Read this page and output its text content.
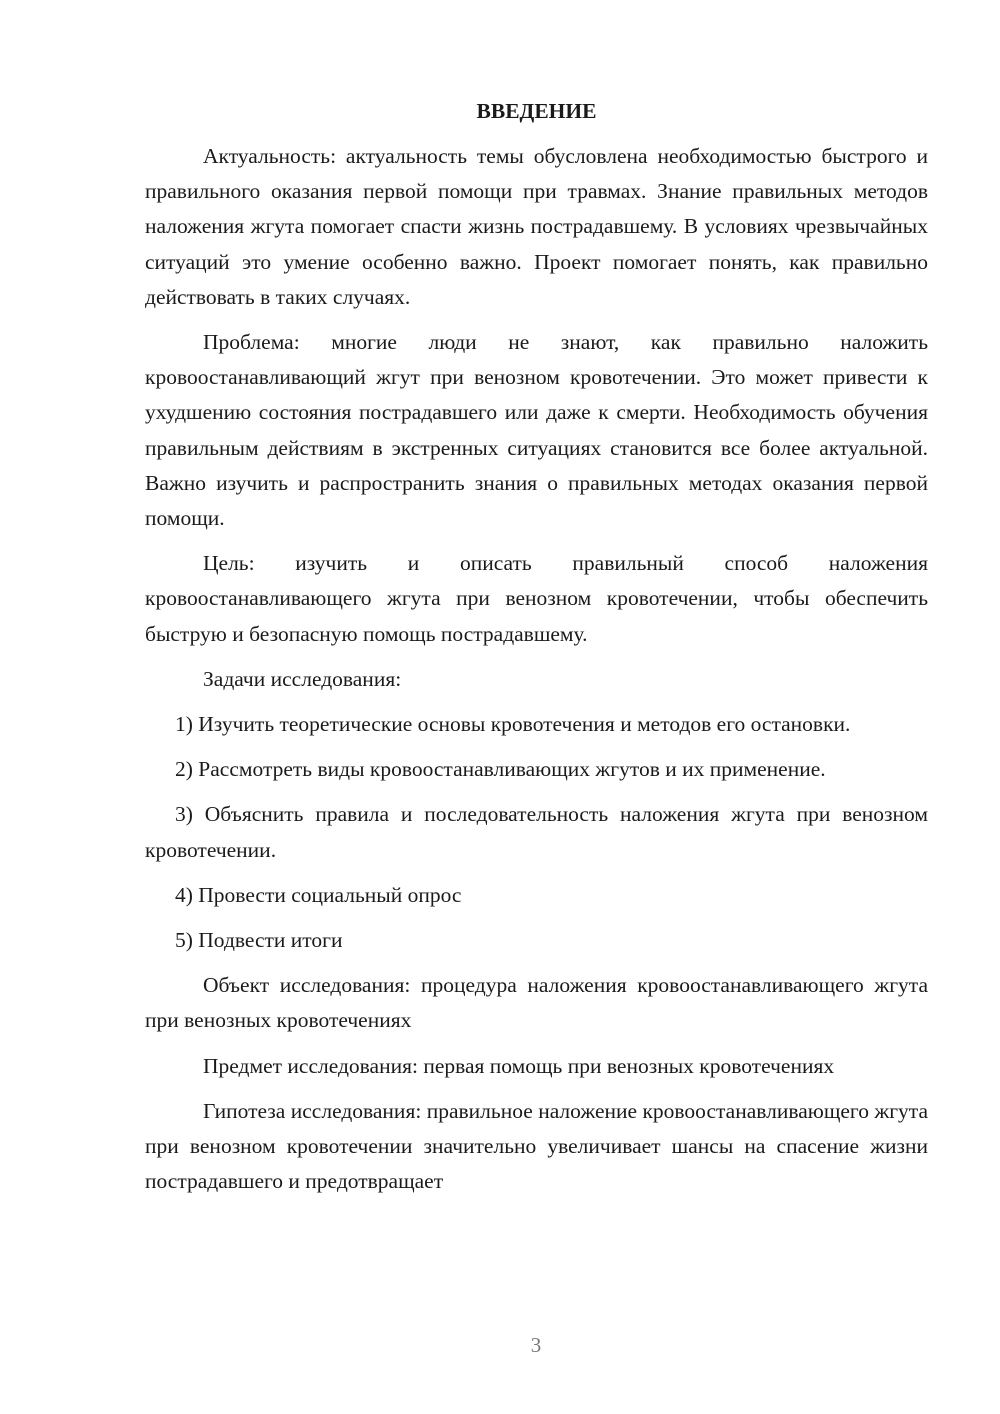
ВВЕДЕНИЕ

Актуальность: актуальность темы обусловлена необходимостью быстрого и правильного оказания первой помощи при травмах. Знание правильных методов наложения жгута помогает спасти жизнь пострадавшему. В условиях чрезвычайных ситуаций это умение особенно важно. Проект помогает понять, как правильно действовать в таких случаях.

Проблема: многие люди не знают, как правильно наложить кровоостанавливающий жгут при венозном кровотечении. Это может привести к ухудшению состояния пострадавшего или даже к смерти. Необходимость обучения правильным действиям в экстренных ситуациях становится все более актуальной. Важно изучить и распространить знания о правильных методах оказания первой помощи.

Цель: изучить и описать правильный способ наложения кровоостанавливающего жгута при венозном кровотечении, чтобы обеспечить быструю и безопасную помощь пострадавшему.

Задачи исследования:

1) Изучить теоретические основы кровотечения и методов его остановки.

2) Рассмотреть виды кровоостанавливающих жгутов и их применение.

3) Объяснить правила и последовательность наложения жгута при венозном кровотечении.

4) Провести социальный опрос

5) Подвести итоги

Объект исследования: процедура наложения кровоостанавливающего жгута при венозных кровотечениях

Предмет исследования: первая помощь при венозных кровотечениях

Гипотеза исследования: правильное наложение кровоостанавливающего жгута при венозном кровотечении значительно увеличивает шансы на спасение жизни пострадавшего и предотвращает

3
